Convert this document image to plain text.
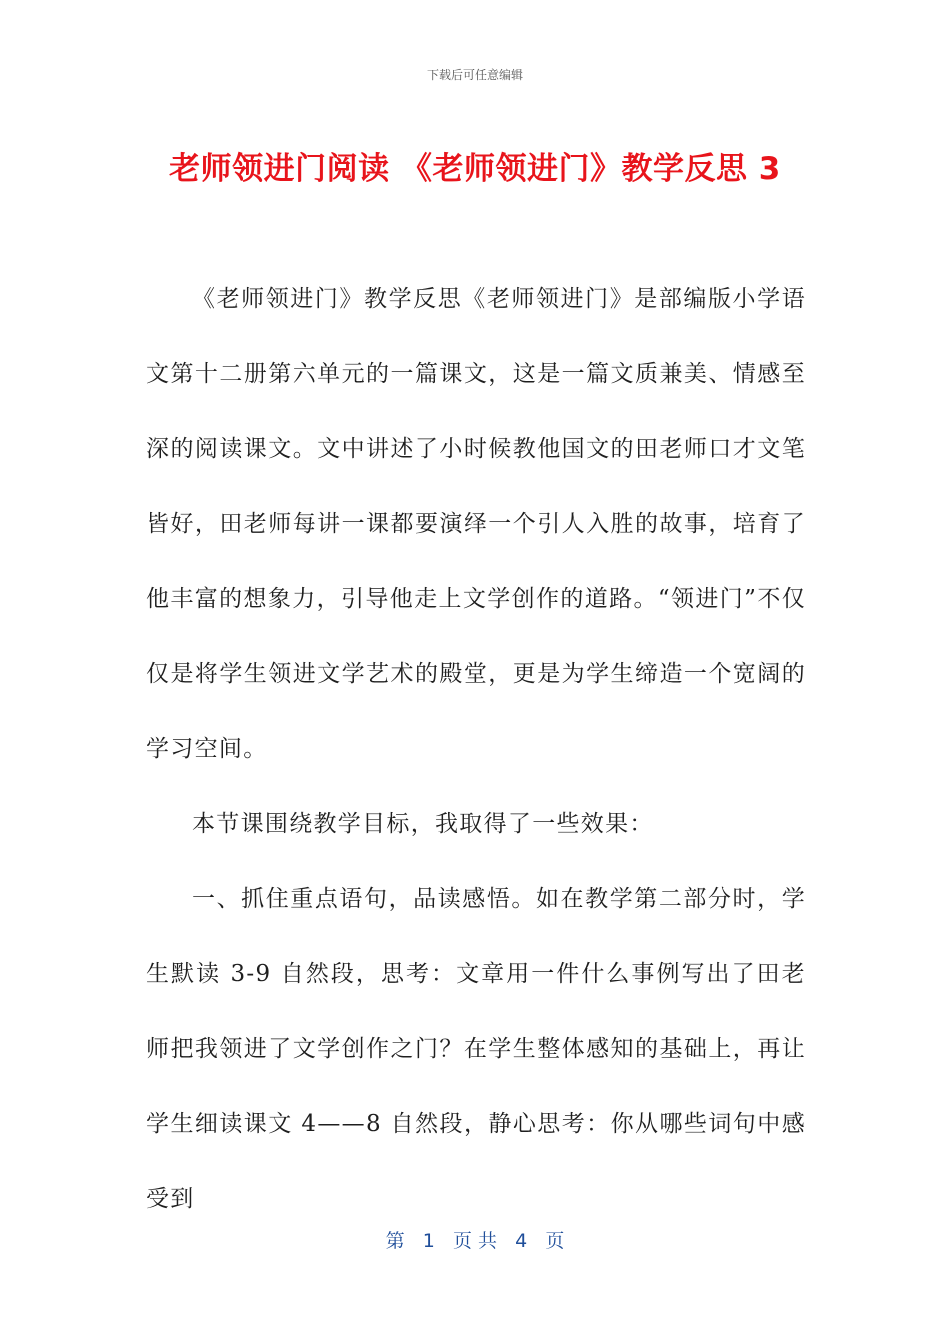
下载后可任意编辑
老师领进门阅读 《老师领进门》教学反思 3

《老师领进门》教学反思《老师领进门》是部编版小学语文第十二册第六单元的一篇课文，这是一篇文质兼美、情感至深的阅读课文。文中讲述了小时候教他国文的田老师口才文笔皆好，田老师每讲一课都要演绎一个引人入胜的故事，培育了他丰富的想象力，引导他走上文学创作的道路。“领进门”不仅仅是将学生领进文学艺术的殿堂，更是为学生缔造一个宽阔的学习空间。

本节课围绕教学目标，我取得了一些效果：

一、抓住重点语句，品读感悟。如在教学第二部分时，学生默读 3-9 自然段，思考：文章用一件什么事例写出了田老师把我领进了文学创作之门？在学生整体感知的基础上，再让学生细读课文 4——8 自然段，静心思考：你从哪些词句中感受到

第 1 页 共 4 页
